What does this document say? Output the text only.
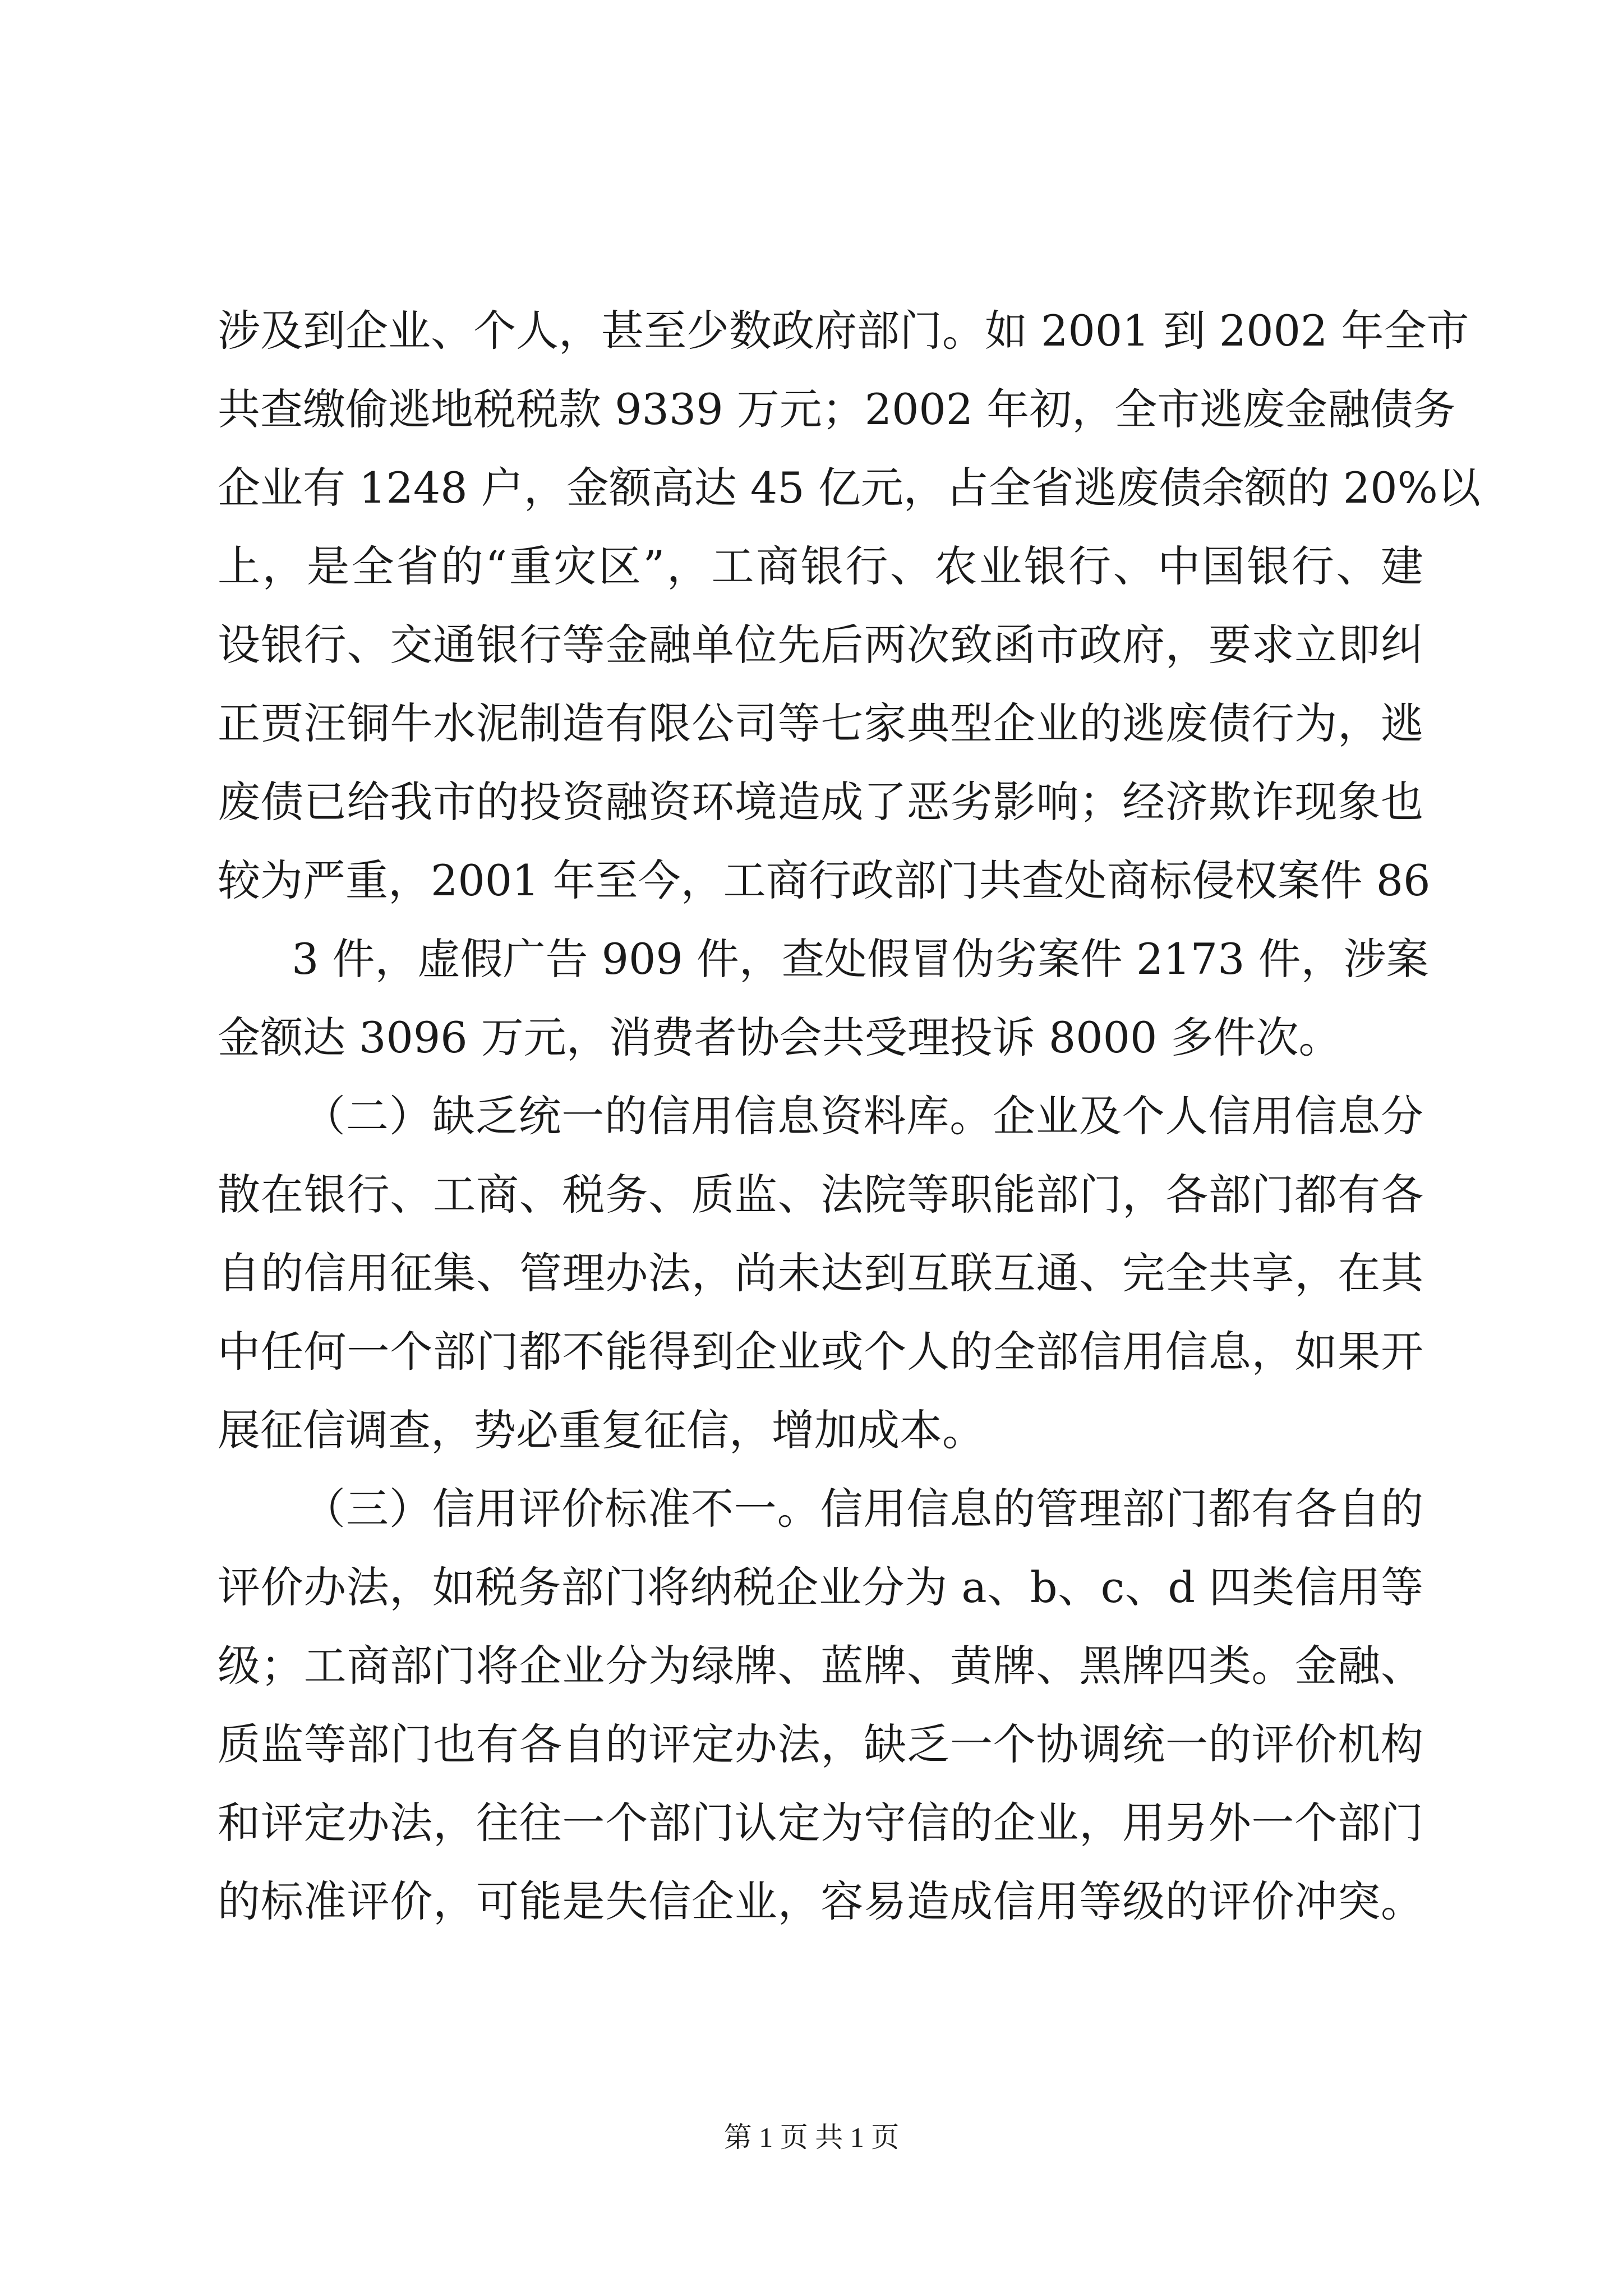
涉及到企业、个人，甚至少数政府部门。如 2001 到 2002 年全市
共查缴偷逃地税税款 9339 万元；2002 年初，全市逃废金融债务
企业有 1248 户，金额高达 45 亿元，占全省逃废债余额的 20%以
上，是全省的“重灾区”，工商银行、农业银行、中国银行、建
设银行、交通银行等金融单位先后两次致函市政府，要求立即纠
正贾汪铜牛水泥制造有限公司等七家典型企业的逃废债行为，逃
废债已给我市的投资融资环境造成了恶劣影响；经济欺诈现象也
较为严重，2001 年至今，工商行政部门共查处商标侵权案件 86
3 件，虚假广告 909 件，查处假冒伪劣案件 2173 件，涉案
金额达 3096 万元，消费者协会共受理投诉 8000 多件次。
（二）缺乏统一的信用信息资料库。企业及个人信用信息分
散在银行、工商、税务、质监、法院等职能部门，各部门都有各
自的信用征集、管理办法，尚未达到互联互通、完全共享，在其
中任何一个部门都不能得到企业或个人的全部信用信息，如果开
展征信调查，势必重复征信，增加成本。
（三）信用评价标准不一。信用信息的管理部门都有各自的
评价办法，如税务部门将纳税企业分为 a、b、c、d 四类信用等
级；工商部门将企业分为绿牌、蓝牌、黄牌、黑牌四类。金融、
质监等部门也有各自的评定办法，缺乏一个协调统一的评价机构
和评定办法，往往一个部门认定为守信的企业，用另外一个部门
的标准评价，可能是失信企业，容易造成信用等级的评价冲突。
第 1 页 共 1 页
